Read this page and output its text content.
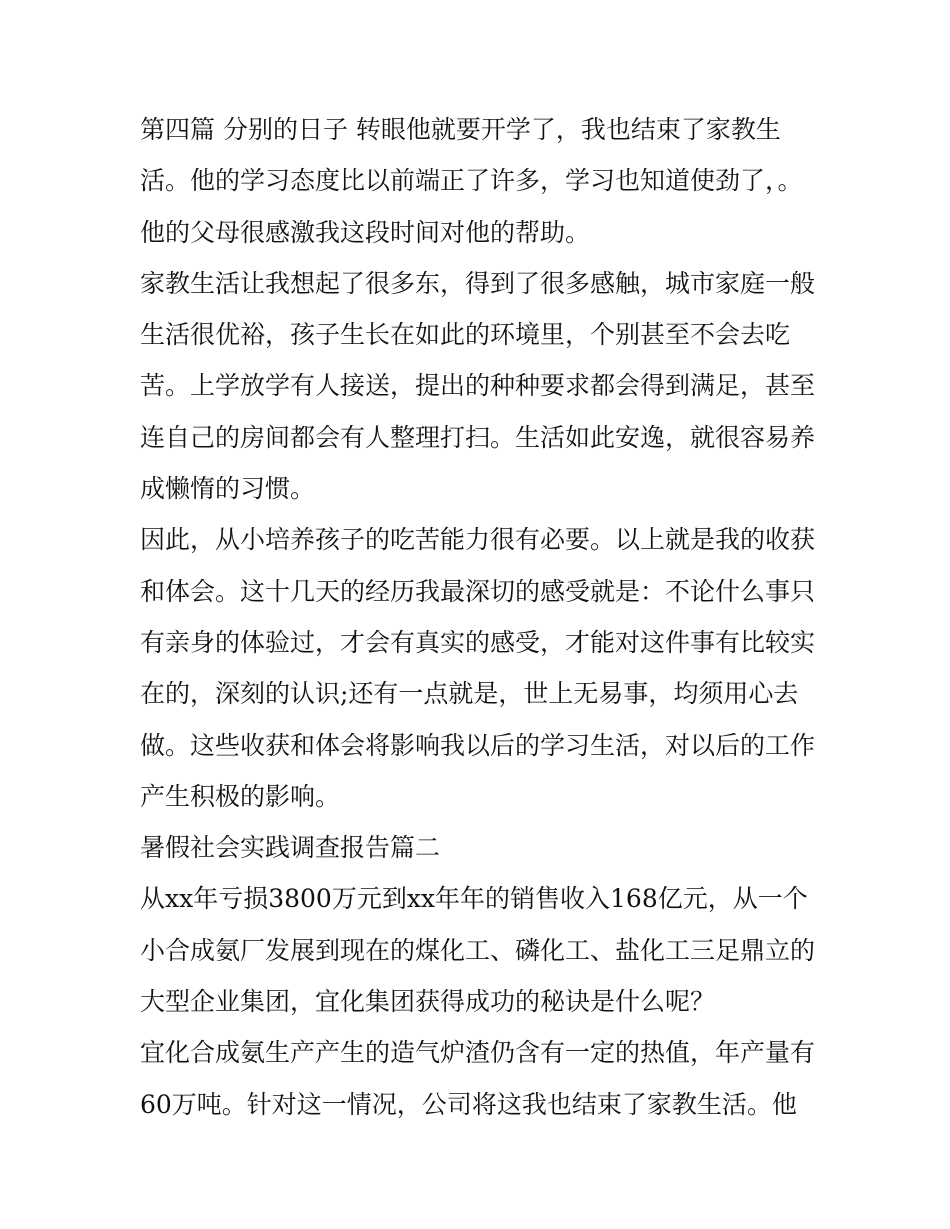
第四篇 分别的日子 转眼他就要开学了，我也结束了家教生
活。他的学习态度比以前端正了许多，学习也知道使劲了，。
他的父母很感激我这段时间对他的帮助。
家教生活让我想起了很多东，得到了很多感触，城市家庭一般
生活很优裕，孩子生长在如此的环境里，个别甚至不会去吃
苦。上学放学有人接送，提出的种种要求都会得到满足，甚至
连自己的房间都会有人整理打扫。生活如此安逸，就很容易养
成懒惰的习惯。
因此，从小培养孩子的吃苦能力很有必要。以上就是我的收获
和体会。这十几天的经历我最深切的感受就是：不论什么事只
有亲身的体验过，才会有真实的感受，才能对这件事有比较实
在的，深刻的认识;还有一点就是，世上无易事，均须用心去
做。这些收获和体会将影响我以后的学习生活，对以后的工作
产生积极的影响。
暑假社会实践调查报告篇二
从xx年亏损3800万元到xx年年的销售收入168亿元，从一个
小合成氨厂发展到现在的煤化工、磷化工、盐化工三足鼎立的
大型企业集团，宜化集团获得成功的秘诀是什么呢？
宜化合成氨生产产生的造气炉渣仍含有一定的热值，年产量有
60万吨。针对这一情况，公司将这我也结束了家教生活。他
